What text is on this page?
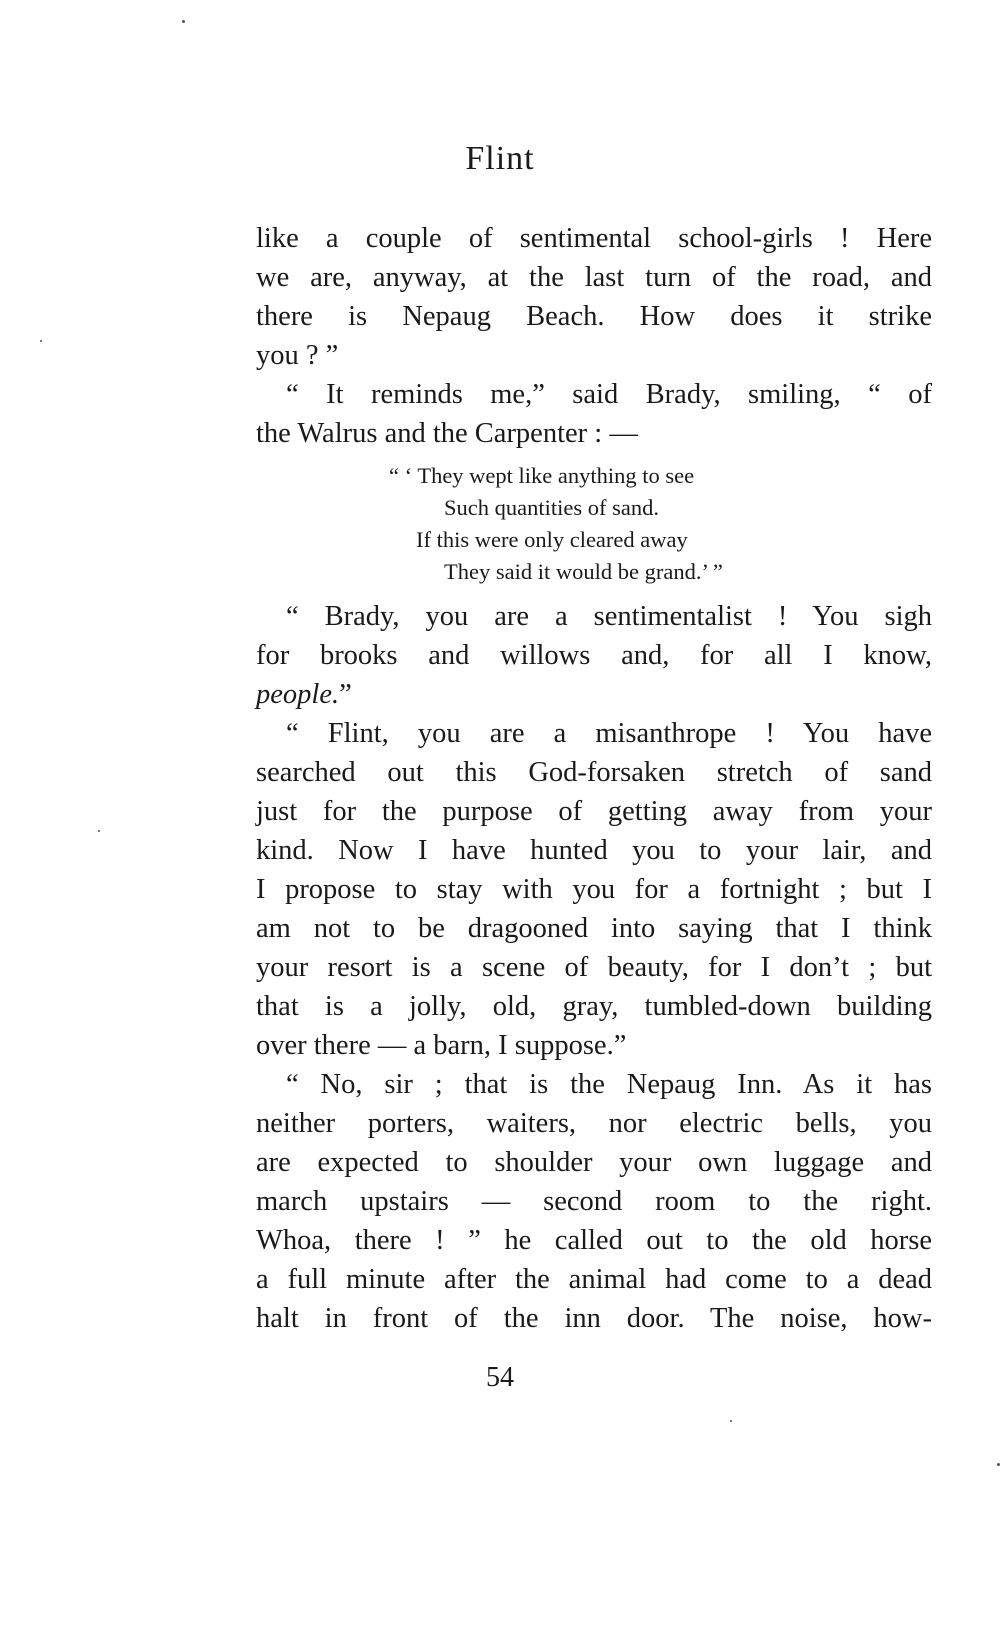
Flint

like a couple of sentimental school-girls ! Here

we are, anyway, at the last turn of the road, and

there is Nepaug Beach. How does it strike

you ? ”

“ It reminds me,” said Brady, smiling, “ of

the Walrus and the Carpenter : —

“ ‘ They wept like anything to see
Such quantities of sand.
If this were only cleared away
They said it would be grand.’ ”

“ Brady, you are a sentimentalist ! You sigh

for brooks and willows and, for all I know,

people.”

“ Flint, you are a misanthrope ! You have

searched out this God-forsaken stretch of sand

just for the purpose of getting away from your

kind. Now I have hunted you to your lair, and

I propose to stay with you for a fortnight ; but I

am not to be dragooned into saying that I think

your resort is a scene of beauty, for I don’t ; but

that is a jolly, old, gray, tumbled-down building

over there — a barn, I suppose.”

“ No, sir ; that is the Nepaug Inn. As it has

neither porters, waiters, nor electric bells, you

are expected to shoulder your own luggage and

march upstairs — second room to the right.

Whoa, there ! ” he called out to the old horse

a full minute after the animal had come to a dead

halt in front of the inn door. The noise, how-

54
